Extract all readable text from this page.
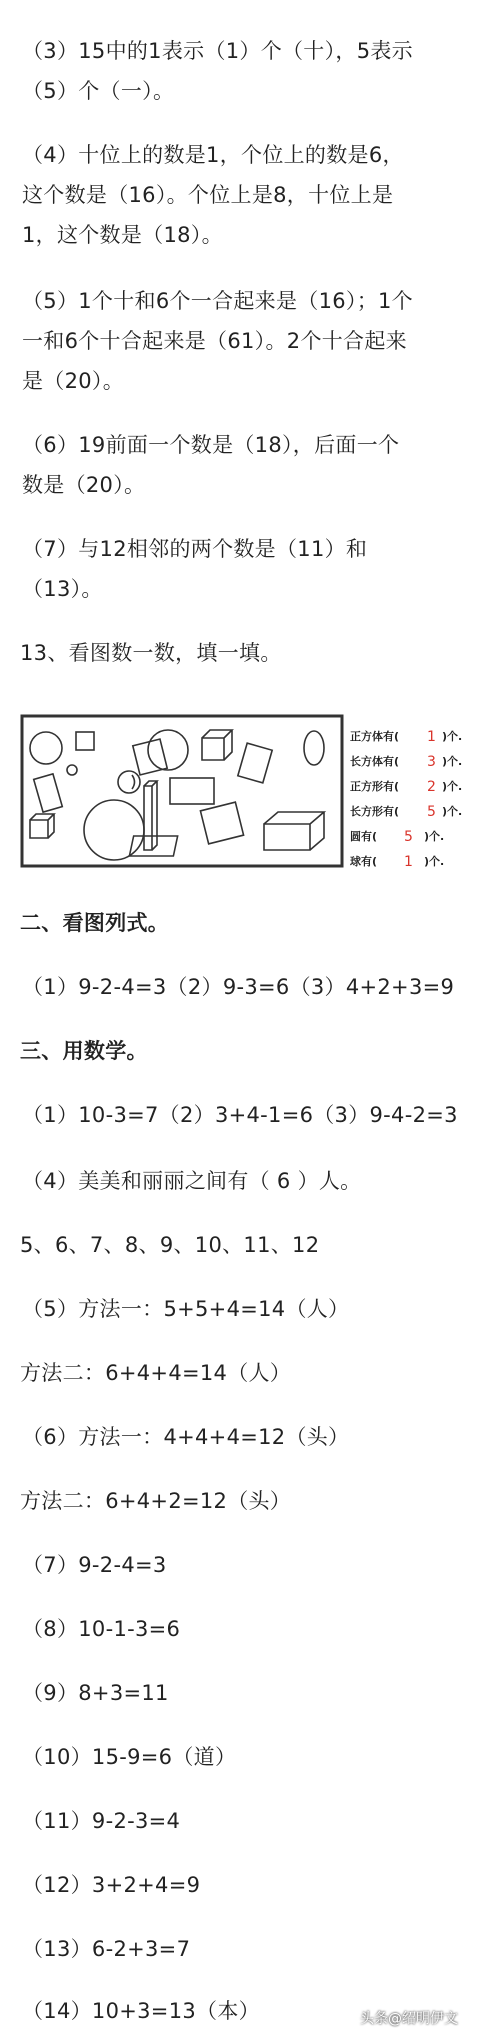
（3）15中的1表示（1）个（十），5表示
（5）个（一）。
（4）十位上的数是1，个位上的数是6，
这个数是（16）。个位上是8，十位上是
1，这个数是（18）。
（5）1个十和6个一合起来是（16）；1个
一和6个十合起来是（61）。2个十合起来
是（20）。
（6）19前面一个数是（18），后面一个
数是（20）。
（7）与12相邻的两个数是（11）和
（13）。
13、看图数一数，填一填。
正方体有(
长方体有(
正方形有(
长方形有(
圆有(
球有(
)个.
)个.
)个.
)个.
)个.
)个.
1
3
2
5
5
1
二、看图列式。
（1）9-2-4=3（2）9-3=6（3）4+2+3=9
三、用数学。
（1）10-3=7（2）3+4-1=6（3）9-4-2=3
（4）美美和丽丽之间有（ 6 ）人。
5、6、7、8、9、10、11、12
（5）方法一：5+5+4=14（人）
方法二：6+4+4=14（人）
（6）方法一：4+4+4=12（头）
方法二：6+4+2=12（头）
（7）9-2-4=3
（8）10-1-3=6
（9）8+3=11
（10）15-9=6（道）
（11）9-2-3=4
（12）3+2+4=9
（13）6-2+3=7
（14）10+3=13（本）	头条@绍明伊文
